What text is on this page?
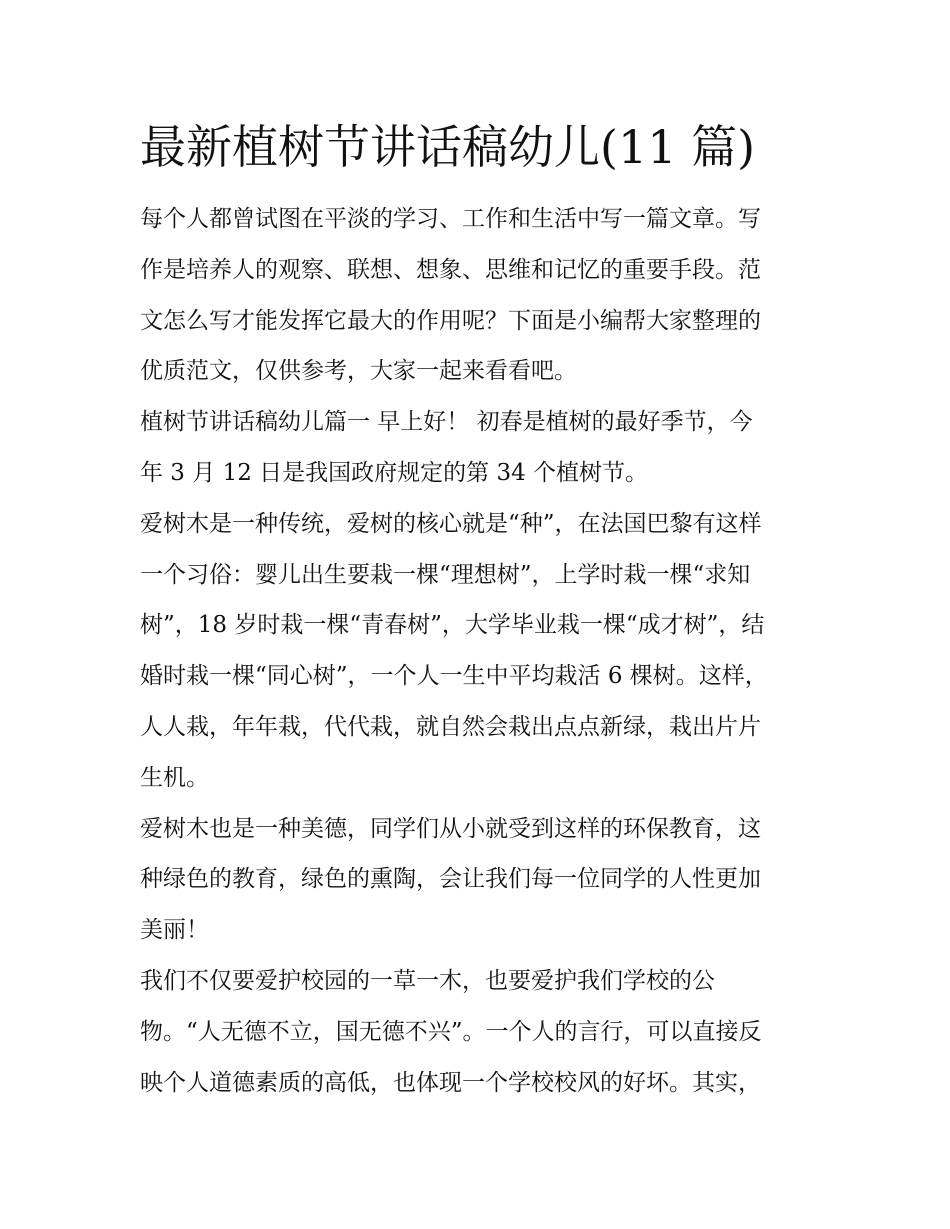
最新植树节讲话稿幼儿(11 篇)

每个人都曾试图在平淡的学习、工作和生活中写一篇文章。写
作是培养人的观察、联想、想象、思维和记忆的重要手段。范
文怎么写才能发挥它最大的作用呢？下面是小编帮大家整理的
优质范文，仅供参考，大家一起来看看吧。

植树节讲话稿幼儿篇一 早上好！ 初春是植树的最好季节，今
年 3 月 12 日是我国政府规定的第 34 个植树节。

爱树木是一种传统，爱树的核心就是“种”，在法国巴黎有这样
一个习俗：婴儿出生要栽一棵“理想树”，上学时栽一棵“求知
树”，18 岁时栽一棵“青春树”，大学毕业栽一棵“成才树”，结
婚时栽一棵“同心树”，一个人一生中平均栽活 6 棵树。这样，
人人栽，年年栽，代代栽，就自然会栽出点点新绿，栽出片片
生机。

爱树木也是一种美德，同学们从小就受到这样的环保教育，这
种绿色的教育，绿色的熏陶，会让我们每一位同学的人性更加
美丽！

我们不仅要爱护校园的一草一木，也要爱护我们学校的公
物。“人无德不立，国无德不兴”。一个人的言行，可以直接反
映个人道德素质的高低，也体现一个学校校风的好坏。其实，
